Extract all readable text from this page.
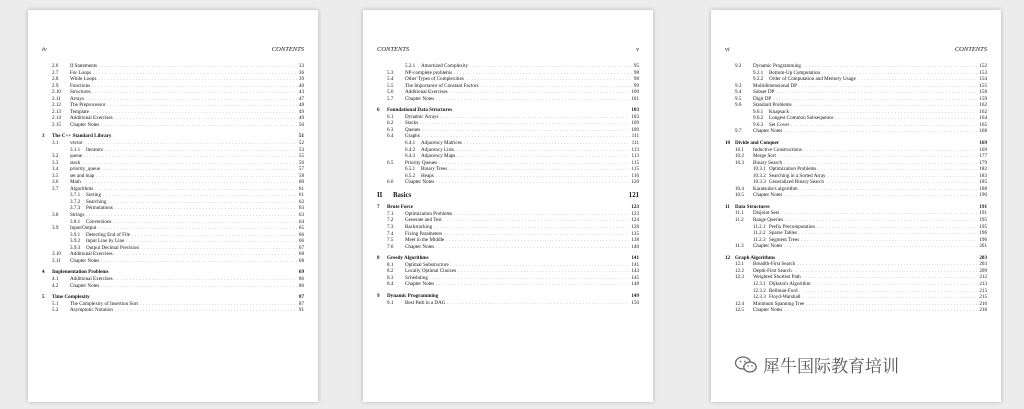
iv	CONTENTS
2.6	If Statements . . .	33
2.7	For Loops . . .	36
2.8	While Loops . . .	39
2.9	Functions . . .	40
2.10	Structures . . .	43
2.11	Arrays . . .	47
2.12	The Preprocessor . . .	48
2.13	Template . . .	49
2.14	Additional Exercises . . .	49
2.15	Chapter Notes . . .	50
3	The C++ Standard Library	51
3.1	vector . . .	52
3.1.1	Iterators . . .	53
3.2	queue . . .	55
3.3	stack . . .	56
3.4	priority_queue . . .	57
3.5	set and map . . .	58
3.6	Math . . .	60
3.7	Algorithms . . .	61
3.7.1	Sorting . . .	61
3.7.2	Searching . . .	62
3.7.3	Permutations . . .	63
3.8	Strings . . .	63
3.8.1	Conversions . . .	64
3.9	Input/Output . . .	65
3.9.1	Detecting End of File . . .	66
3.9.2	Input Line by Line . . .	66
3.9.3	Output Decimal Precision . . .	67
3.10	Additional Exercises . . .	68
3.11	Chapter Notes . . .	68
4	Implementation Problems	69
4.1	Additional Exercises . . .	86
4.2	Chapter Notes . . .	86
5	Time Complexity	87
5.1	The Complexity of Insertion Sort . . .	87
5.2	Asymptotic Notation . . .	91
CONTENTS	v
5.2.1	Amortized Complexity . . .	95
5.3	NP-complete problems . . .	98
5.4	Other Types of Complexities . . .	98
5.5	The Importance of Constant Factors . . .	99
5.6	Additional Exercises . . .	100
5.7	Chapter Notes . . .	101
6	Foundational Data Structures	103
6.1	Dynamic Arrays . . .	103
6.2	Stacks . . .	109
6.3	Queues . . .	109
6.4	Graphs . . .	111
6.4.1	Adjacency Matrices . . .	111
6.4.2	Adjacency Lists . . .	113
6.4.3	Adjacency Maps . . .	113
6.5	Priority Queues . . .	115
6.5.1	Binary Trees . . .	115
6.5.2	Heaps . . .	116
6.6	Chapter Notes . . .	120
II Basics	121
7	Brute Force	123
7.1	Optimization Problems . . .	123
7.2	Generate and Test . . .	124
7.3	Backtracking . . .	128
7.4	Fixing Parameters . . .	135
7.5	Meet in the Middle . . .	138
7.6	Chapter Notes . . .	140
8	Greedy Algorithms	141
8.1	Optimal Substructure . . .	141
8.2	Locally Optimal Choices . . .	143
8.3	Scheduling . . .	145
8.4	Chapter Notes . . .	148
9	Dynamic Programming	149
9.1	Best Path in a DAG . . .	150
vi	CONTENTS
9.2	Dynamic Programming . . .	152
9.2.1	Bottom-Up Computation . . .	153
9.2.2	Order of Computation and Memory Usage . . .	154
9.3	Multidimensional DP . . .	155
9.4	Subset DP . . .	158
9.5	Digit DP . . .	159
9.6	Standard Problems . . .	162
9.6.1	Knapsack . . .	162
9.6.2	Longest Common Subsequence . . .	164
9.6.3	Set Cover . . .	165
9.7	Chapter Notes . . .	168
10 Divide and Conquer	169
10.1	Inductive Constructions . . .	169
10.2	Merge Sort . . .	177
10.3	Binary Search . . .	179
10.3.1 Optimization Problems . . .	182
10.3.2 Searching in a Sorted Array . . .	183
10.3.3 Generalized Binary Search . . .	185
10.4	Karatsuba's algorithm . . .	188
10.5	Chapter Notes . . .	190
11	Data Structures	191
11.1	Disjoint Sets . . .	191
11.2	Range Queries . . .	195
11.2.1 Prefix Precomputation . . .	195
11.2.2 Sparse Tables . . .	196
11.2.3 Segment Trees . . .	196
11.3	Chapter Notes . . .	201
12 Graph Algorithms	203
12.1	Breadth-First Search . . .	203
12.2	Depth-First Search . . .	209
12.3	Weighted Shortest Path . . .	212
12.3.1 Dijkstra's Algorithm . . .	213
12.3.2 Bellman-Ford . . .	213
12.3.3 Floyd-Warshall . . .	215
12.4	Minimum Spanning Tree . . .	216
12.5	Chapter Notes . . .	218
犀牛国际教育培训
